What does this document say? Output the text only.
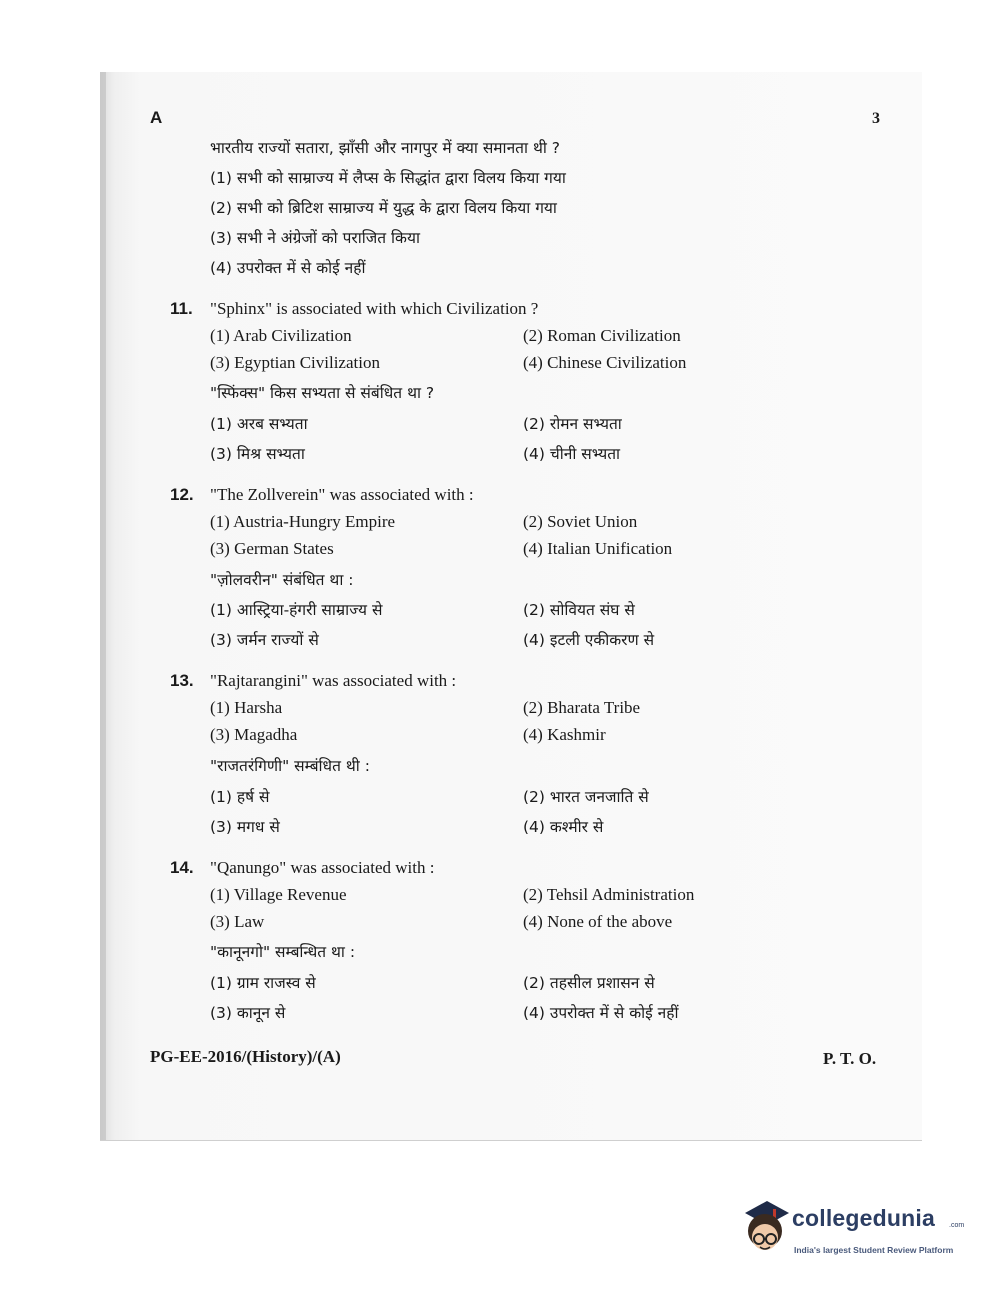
A	3
भारतीय राज्यों सतारा, झाँसी और नागपुर में क्या समानता थी ?
(1) सभी को साम्राज्य में लैप्स के सिद्धांत द्वारा विलय किया गया
(2) सभी को ब्रिटिश साम्राज्य में युद्ध के द्वारा विलय किया गया
(3) सभी ने अंग्रेजों को पराजित किया
(4) उपरोक्त में से कोई नहीं
11. "Sphinx" is associated with which Civilization ?
(1) Arab Civilization	(2) Roman Civilization
(3) Egyptian Civilization	(4) Chinese Civilization
"स्फिंक्स" किस सभ्यता से संबंधित था ?
(1) अरब सभ्यता	(2) रोमन सभ्यता
(3) मिश्र सभ्यता	(4) चीनी सभ्यता
12. "The Zollverein" was associated with :
(1) Austria-Hungry Empire	(2) Soviet Union
(3) German States	(4) Italian Unification
"ज़ोलवरीन" संबंधित था :
(1) आस्ट्रिया-हंगरी साम्राज्य से	(2) सोवियत संघ से
(3) जर्मन राज्यों से	(4) इटली एकीकरण से
13. "Rajtarangini" was associated with :
(1) Harsha	(2) Bharata Tribe
(3) Magadha	(4) Kashmir
"राजतरंगिणी" सम्बंधित थी :
(1) हर्ष से	(2) भारत जनजाति से
(3) मगध से	(4) कश्मीर से
14. "Qanungo" was associated with :
(1) Village Revenue	(2) Tehsil Administration
(3) Law	(4) None of the above
"कानूनगो" सम्बन्धित था :
(1) ग्राम राजस्व से	(2) तहसील प्रशासन से
(3) कानून से	(4) उपरोक्त में से कोई नहीं
PG-EE-2016/(History)/(A)	P. T. O.
collegedunia .com
India's largest Student Review Platform
